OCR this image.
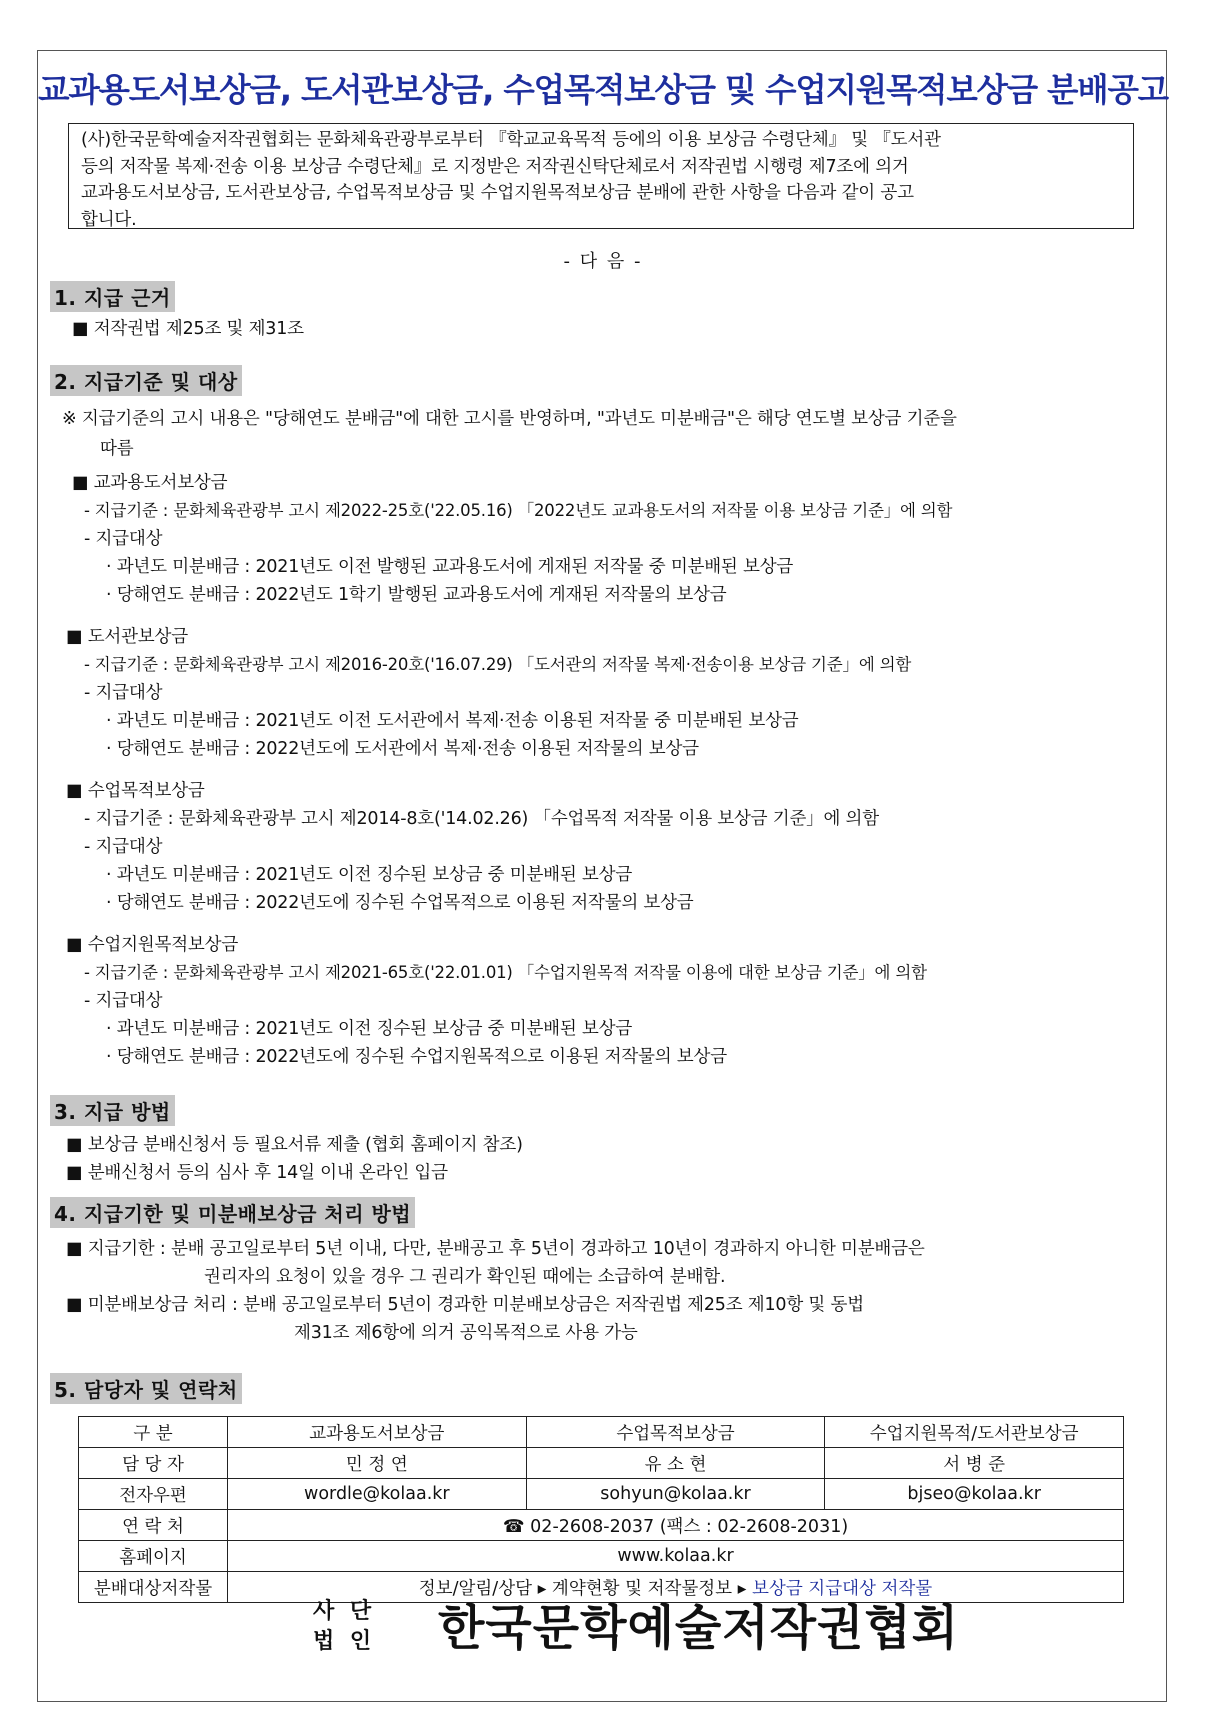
교과용도서보상금, 도서관보상금, 수업목적보상금 및 수업지원목적보상금 분배공고
(사)한국문학예술저작권협회는 문화체육관광부로부터 『학교교육목적 등에의 이용 보상금 수령단체』 및 『도서관
등의 저작물 복제·전송 이용 보상금 수령단체』로 지정받은 저작권신탁단체로서 저작권법 시행령 제7조에 의거
교과용도서보상금, 도서관보상금, 수업목적보상금 및 수업지원목적보상금 분배에 관한 사항을 다음과 같이 공고
합니다.
- 다 음 -
1. 지급 근거
■ 저작권법 제25조 및 제31조
2. 지급기준 및 대상
※ 지급기준의 고시 내용은 "당해연도 분배금"에 대한 고시를 반영하며, "과년도 미분배금"은 해당 연도별 보상금 기준을
따름
■ 교과용도서보상금
- 지급기준 : 문화체육관광부 고시 제2022-25호('22.05.16) 「2022년도 교과용도서의 저작물 이용 보상금 기준」에 의함
- 지급대상
· 과년도 미분배금 : 2021년도 이전 발행된 교과용도서에 게재된 저작물 중 미분배된 보상금
· 당해연도 분배금 : 2022년도 1학기 발행된 교과용도서에 게재된 저작물의 보상금
■ 도서관보상금
- 지급기준 : 문화체육관광부 고시 제2016-20호('16.07.29) 「도서관의 저작물 복제·전송이용 보상금 기준」에 의함
- 지급대상
· 과년도 미분배금 : 2021년도 이전 도서관에서 복제·전송 이용된 저작물 중 미분배된 보상금
· 당해연도 분배금 : 2022년도에 도서관에서 복제·전송 이용된 저작물의 보상금
■ 수업목적보상금
- 지급기준 : 문화체육관광부 고시 제2014-8호('14.02.26) 「수업목적 저작물 이용 보상금 기준」에 의함
- 지급대상
· 과년도 미분배금 : 2021년도 이전 징수된 보상금 중 미분배된 보상금
· 당해연도 분배금 : 2022년도에 징수된 수업목적으로 이용된 저작물의 보상금
■ 수업지원목적보상금
- 지급기준 : 문화체육관광부 고시 제2021-65호('22.01.01) 「수업지원목적 저작물 이용에 대한 보상금 기준」에 의함
- 지급대상
· 과년도 미분배금 : 2021년도 이전 징수된 보상금 중 미분배된 보상금
· 당해연도 분배금 : 2022년도에 징수된 수업지원목적으로 이용된 저작물의 보상금
3. 지급 방법
■ 보상금 분배신청서 등 필요서류 제출 (협회 홈페이지 참조)
■ 분배신청서 등의 심사 후 14일 이내 온라인 입금
4. 지급기한 및 미분배보상금 처리 방법
■ 지급기한 : 분배 공고일로부터 5년 이내, 다만, 분배공고 후 5년이 경과하고 10년이 경과하지 아니한 미분배금은
권리자의 요청이 있을 경우 그 권리가 확인된 때에는 소급하여 분배함.
■ 미분배보상금 처리 : 분배 공고일로부터 5년이 경과한 미분배보상금은 저작권법 제25조 제10항 및 동법
제31조 제6항에 의거 공익목적으로 사용 가능
5. 담당자 및 연락처
구 분	교과용도서보상금	수업목적보상금	수업지원목적/도서관보상금
담 당 자	민 정 연	유 소 현	서 병 준
전자우편	wordle@kolaa.kr	sohyun@kolaa.kr	bjseo@kolaa.kr
연 락 처	☎ 02-2608-2037 (팩스 : 02-2608-2031)		
홈페이지	www.kolaa.kr		
분배대상저작물	정보/알림/상담 ▸ 계약현황 및 저작물정보 ▸ 보상금 지급대상 저작물		
사 단
법 인 한국문학예술저작권협회
